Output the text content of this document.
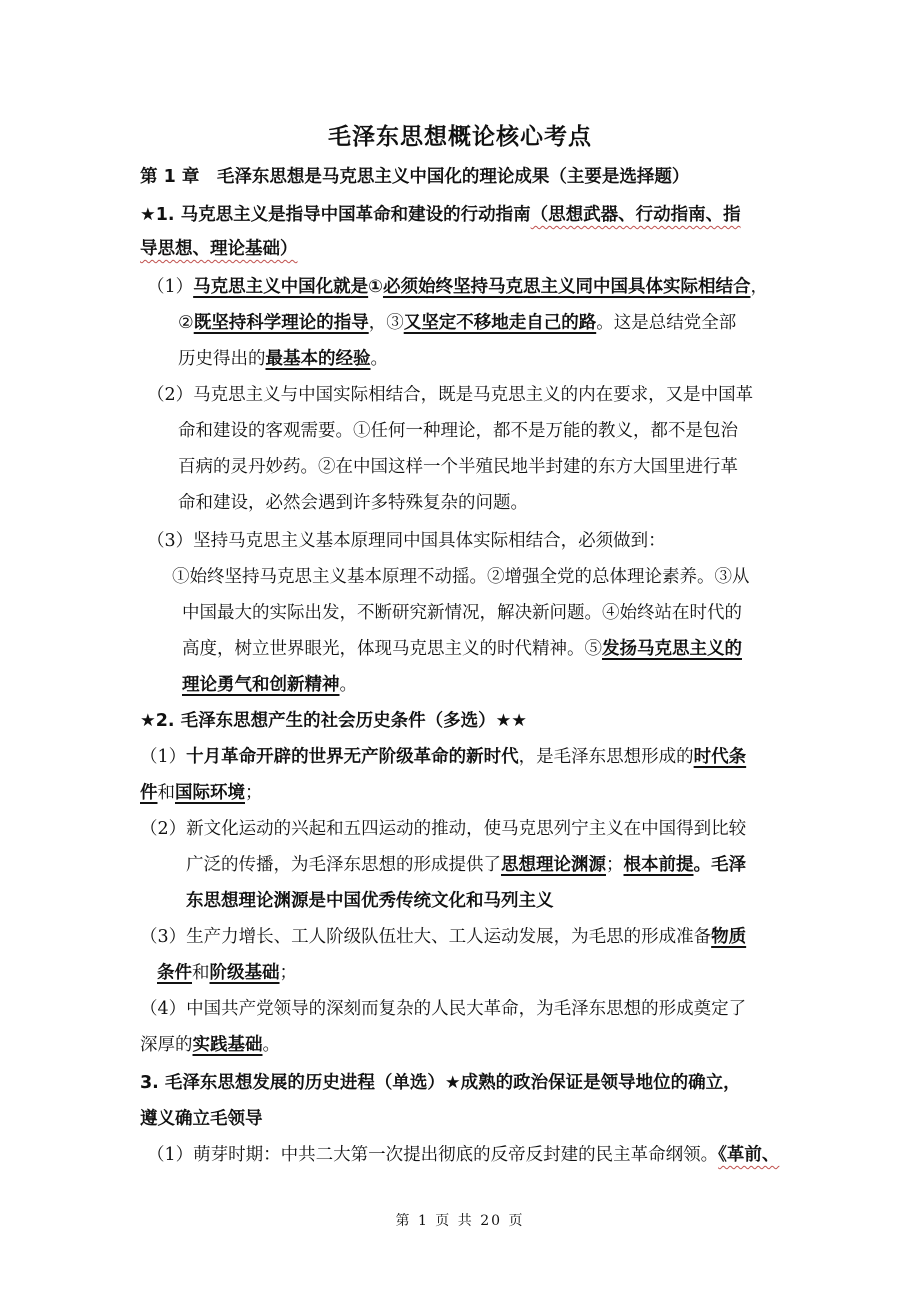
毛泽东思想概论核心考点
第 1 章　毛泽东思想是马克思主义中国化的理论成果（主要是选择题）
★1. 马克思主义是指导中国革命和建设的行动指南（思想武器、行动指南、指
导思想、理论基础）
（1）马克思主义中国化就是①必须始终坚持马克思主义同中国具体实际相结合，
②既坚持科学理论的指导，③又坚定不移地走自己的路。这是总结党全部
历史得出的最基本的经验。
（2）马克思主义与中国实际相结合，既是马克思主义的内在要求，又是中国革
命和建设的客观需要。①任何一种理论，都不是万能的教义，都不是包治
百病的灵丹妙药。②在中国这样一个半殖民地半封建的东方大国里进行革
命和建设，必然会遇到许多特殊复杂的问题。
（3）坚持马克思主义基本原理同中国具体实际相结合，必须做到：
①始终坚持马克思主义基本原理不动摇。②增强全党的总体理论素养。③从
中国最大的实际出发，不断研究新情况，解决新问题。④始终站在时代的
高度，树立世界眼光，体现马克思主义的时代精神。⑤发扬马克思主义的
理论勇气和创新精神。
★2. 毛泽东思想产生的社会历史条件（多选）★★
（1）十月革命开辟的世界无产阶级革命的新时代，是毛泽东思想形成的时代条
件和国际环境；
（2）新文化运动的兴起和五四运动的推动，使马克思列宁主义在中国得到比较
广泛的传播，为毛泽东思想的形成提供了思想理论渊源；根本前提。毛泽
东思想理论渊源是中国优秀传统文化和马列主义
（3）生产力增长、工人阶级队伍壮大、工人运动发展，为毛思的形成准备物质
条件和阶级基础；
（4）中国共产党领导的深刻而复杂的人民大革命，为毛泽东思想的形成奠定了
深厚的实践基础。
3. 毛泽东思想发展的历史进程（单选）★成熟的政治保证是领导地位的确立，
遵义确立毛领导
（1）萌芽时期：中共二大第一次提出彻底的反帝反封建的民主革命纲领。《革前、
第 1 页 共 20 页
